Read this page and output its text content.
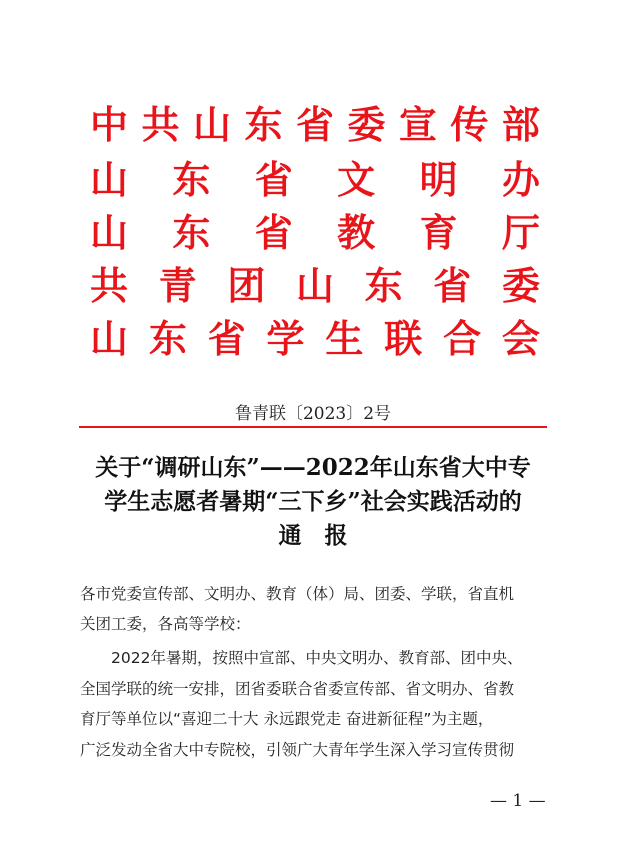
中 共 山 东 省 委 宣 传 部
山 东 省 文 明 办
山 东 省 教 育 厅
共 青 团 山 东 省 委
山 东 省 学 生 联 合 会
鲁青联〔2023〕2号
关于“调研山东”——2022年山东省大中专
学生志愿者暑期“三下乡”社会实践活动的
通　报
各市党委宣传部、文明办、教育（体）局、团委、学联，省直机
关团工委，各高等学校：
　　2022年暑期，按照中宣部、中央文明办、教育部、团中央、
全国学联的统一安排，团省委联合省委宣传部、省文明办、省教
育厅等单位以“喜迎二十大 永远跟党走 奋进新征程”为主题，
广泛发动全省大中专院校，引领广大青年学生深入学习宣传贯彻
— 1 —
